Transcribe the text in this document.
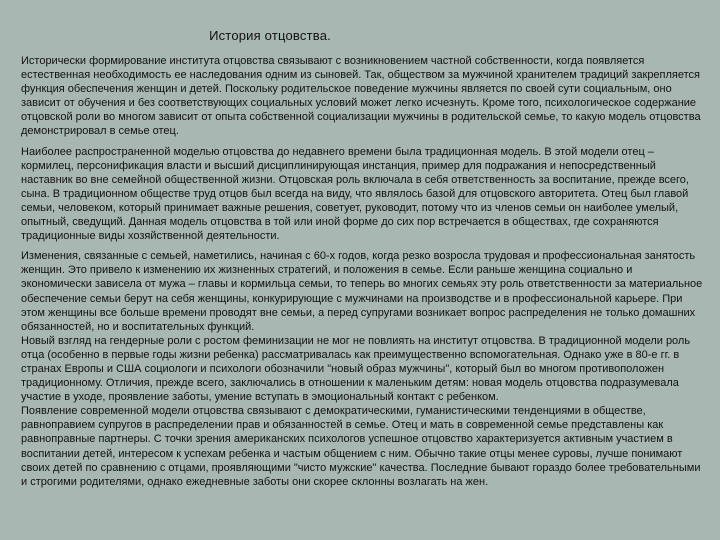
История отцовства.

Исторически формирование института отцовства связывают с возникновением частной собственности, когда появляется естественная необходимость ее наследования одним из сыновей. Так, обществом за мужчиной хранителем традиций закрепляется функция обеспечения женщин и детей. Поскольку родительское поведение мужчины является по своей сути социальным, оно зависит от обучения и без соответствующих социальных условий может легко исчезнуть. Кроме того, психологическое содержание отцовской роли во многом зависит от опыта собственной социализации мужчины в родительской семье, то какую модель отцовства демонстрировал в семье отец.

Наиболее распространенной моделью отцовства до недавнего времени была традиционная модель. В этой модели отец – кормилец, персонификация власти и высший дисциплинирующая инстанция, пример для подражания и непосредственный наставник во вне семейной общественной жизни. Отцовская роль включала в себя ответственность за воспитание, прежде всего, сына. В традиционном обществе труд отцов был всегда на виду, что являлось базой для отцовского авторитета. Отец был главой семьи, человеком, который принимает важные решения, советует, руководит, потому что из членов семьи он наиболее умелый, опытный, сведущий. Данная модель отцовства в той или иной форме до сих пор встречается в обществах, где сохраняются традиционные виды хозяйственной деятельности.

Изменения, связанные с семьей, наметились, начиная с 60-х годов, когда резко возросла трудовая и профессиональная занятость женщин. Это привело к изменению их жизненных стратегий, и положения в семье. Если раньше женщина социально и экономически зависела от мужа – главы и кормильца семьи, то теперь во многих семьях эту роль ответственности за материальное обеспечение семьи берут на себя женщины, конкурирующие с мужчинами на производстве и в профессиональной карьере. При этом женщины все больше времени проводят вне семьи, а перед супругами возникает вопрос распределения не только домашних обязанностей, но и воспитательных функций.

Новый взгляд на гендерные роли с ростом феминизации не мог не повлиять на институт отцовства. В традиционной модели роль отца (особенно в первые годы жизни ребенка) рассматривалась как преимущественно вспомогательная. Однако уже в 80-е гг. в странах Европы и США социологи и психологи обозначили "новый образ мужчины", который был во многом противоположен традиционному. Отличия, прежде всего, заключались в отношении к маленьким детям: новая модель отцовства подразумевала участие в уходе, проявление заботы, умение вступать в эмоциональный контакт с ребенком.

Появление современной модели отцовства связывают с демократическими, гуманистическими тенденциями в обществе, равноправием супругов в распределении прав и обязанностей в семье. Отец и мать в современной семье представлены как равноправные партнеры. С точки зрения американских психологов успешное отцовство характеризуется активным участием в воспитании детей, интересом к успехам ребенка и частым общением с ним. Обычно такие отцы менее суровы, лучше понимают своих детей по сравнению с отцами, проявляющими "чисто мужские" качества. Последние бывают гораздо более требовательными и строгими родителями, однако ежедневные заботы они скорее склонны возлагать на жен.
